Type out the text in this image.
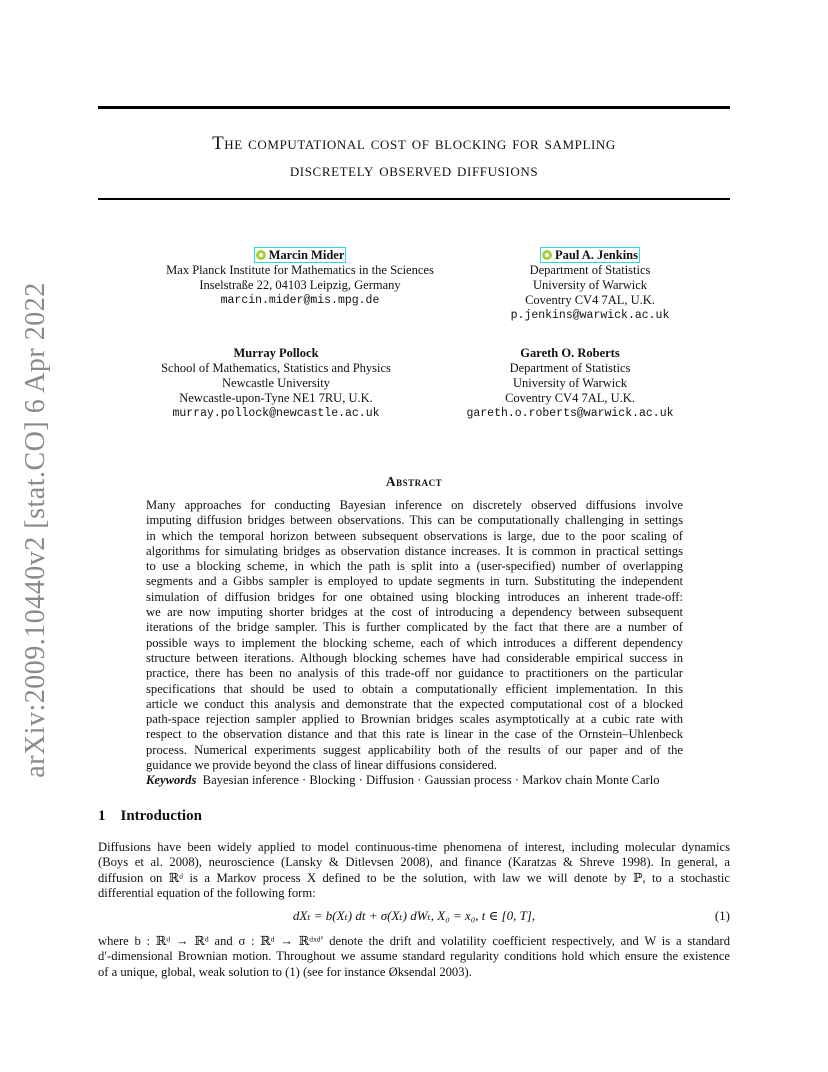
arXiv:2009.10440v2 [stat.CO] 6 Apr 2022
The computational cost of blocking for sampling
discretely observed diffusions
Marcin Mider
Max Planck Institute for Mathematics in the Sciences
Inselstraße 22, 04103 Leipzig, Germany
marcin.mider@mis.mpg.de
Paul A. Jenkins
Department of Statistics
University of Warwick
Coventry CV4 7AL, U.K.
p.jenkins@warwick.ac.uk
Murray Pollock
School of Mathematics, Statistics and Physics
Newcastle University
Newcastle-upon-Tyne NE1 7RU, U.K.
murray.pollock@newcastle.ac.uk
Gareth O. Roberts
Department of Statistics
University of Warwick
Coventry CV4 7AL, U.K.
gareth.o.roberts@warwick.ac.uk
Abstract
Many approaches for conducting Bayesian inference on discretely observed diffusions involve
imputing diffusion bridges between observations. This can be computationally challenging in settings
in which the temporal horizon between subsequent observations is large, due to the poor scaling of
algorithms for simulating bridges as observation distance increases. It is common in practical settings
to use a blocking scheme, in which the path is split into a (user-specified) number of overlapping
segments and a Gibbs sampler is employed to update segments in turn. Substituting the independent
simulation of diffusion bridges for one obtained using blocking introduces an inherent trade-off:
we are now imputing shorter bridges at the cost of introducing a dependency between subsequent
iterations of the bridge sampler. This is further complicated by the fact that there are a number of
possible ways to implement the blocking scheme, each of which introduces a different dependency
structure between iterations. Although blocking schemes have had considerable empirical success in
practice, there has been no analysis of this trade-off nor guidance to practitioners on the particular
specifications that should be used to obtain a computationally efficient implementation. In this
article we conduct this analysis and demonstrate that the expected computational cost of a blocked
path-space rejection sampler applied to Brownian bridges scales asymptotically at a cubic rate with
respect to the observation distance and that this rate is linear in the case of the Ornstein–Uhlenbeck
process. Numerical experiments suggest applicability both of the results of our paper and of the
guidance we provide beyond the class of linear diffusions considered.
Keywords Bayesian inference · Blocking · Diffusion · Gaussian process · Markov chain Monte Carlo
1 Introduction
Diffusions have been widely applied to model continuous-time phenomena of interest, including molecular dynamics
(Boys et al. 2008), neuroscience (Lansky & Ditlevsen 2008), and finance (Karatzas & Shreve 1998). In general, a
diffusion on ℝᵈ is a Markov process X defined to be the solution, with law we will denote by ℙ, to a stochastic
differential equation of the following form:
dXₜ = b(Xₜ) dt + σ(Xₜ) dWₜ, X₀ = x₀, t ∈ [0, T],	(1)
where b : ℝᵈ → ℝᵈ and σ : ℝᵈ → ℝᵈˣᵈ′ denote the drift and volatility coefficient respectively, and W is a standard
d′-dimensional Brownian motion. Throughout we assume standard regularity conditions hold which ensure the existence
of a unique, global, weak solution to (1) (see for instance Øksendal 2003).
